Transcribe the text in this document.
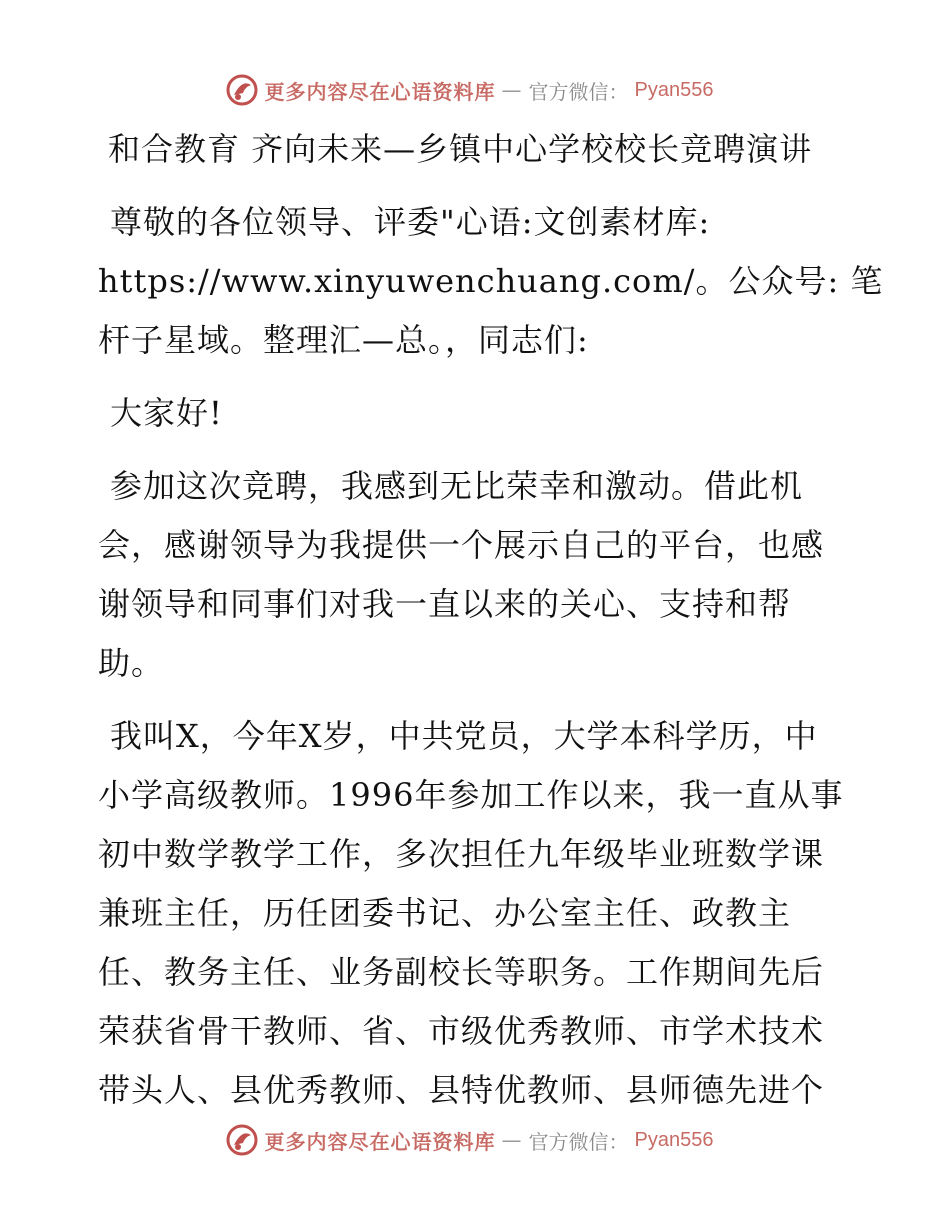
更多内容尽在心语资料库 — 官方微信： Pyan556
和合教育 齐向未来—乡镇中心学校校长竞聘演讲
尊敬的各位领导、评委"心语:文创素材库:
https://www.xinyuwenchuang.com/。公众号: 笔
杆子星域。整理汇—总。，同志们:
大家好!
参加这次竞聘，我感到无比荣幸和激动。借此机
会，感谢领导为我提供一个展示自己的平台，也感
谢领导和同事们对我一直以来的关心、支持和帮
助。
我叫X，今年X岁，中共党员，大学本科学历，中
小学高级教师。1996年参加工作以来，我一直从事
初中数学教学工作，多次担任九年级毕业班数学课
兼班主任，历任团委书记、办公室主任、政教主
任、教务主任、业务副校长等职务。工作期间先后
荣获省骨干教师、省、市级优秀教师、市学术技术
带头人、县优秀教师、县特优教师、县师德先进个
更多内容尽在心语资料库 — 官方微信： Pyan556
